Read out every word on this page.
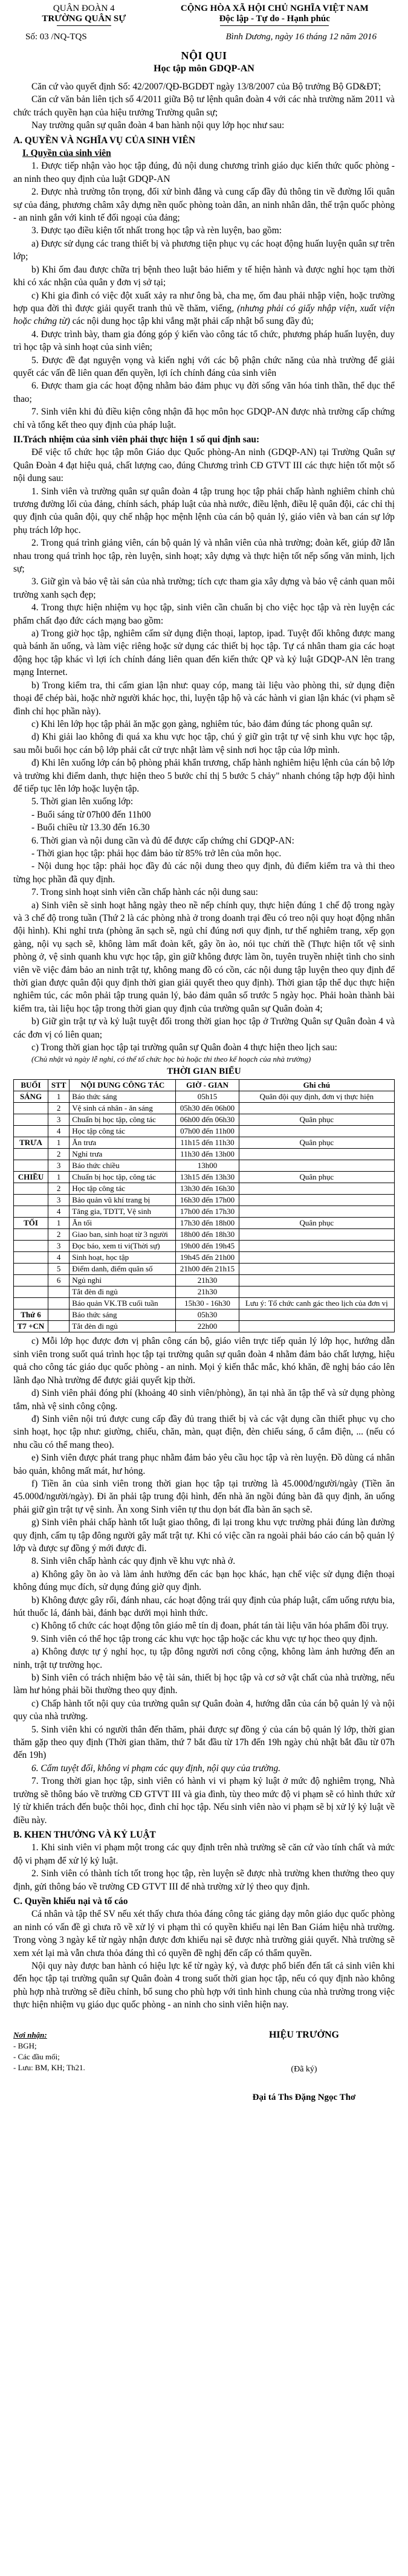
QUÂN ĐOÀN 4
TRƯỜNG QUÂN SỰ
CỘNG HÒA XÃ HỘI CHỦ NGHĨA VIỆT NAM
Độc lập - Tự do - Hạnh phúc
Số: 03 /NQ-TQS	Bình Dương, ngày 16 tháng 12 năm 2016
NỘI QUI
Học tập môn GDQP-AN

Căn cứ vào quyết định Số: 42/2007/QĐ-BGDĐT ngày 13/8/2007 của Bộ trưởng Bộ GD&ĐT;

Căn cứ văn bản liên tịch số 4/2011 giữa Bộ tư lệnh quân đoàn 4 với các nhà trường năm 2011 và chức trách quyền hạn của hiệu trưởng Trường quân sự;

Nay trường quân sự quân đoàn 4 ban hành nội quy lớp học như sau:

A. QUYỀN VÀ NGHĨA VỤ CỦA SINH VIÊN

I. Quyền của sinh viên

1. Được tiếp nhận vào học tập đúng, đủ nội dung chương trình giáo dục kiến thức quốc phòng - an ninh theo quy định của luật GDQP-AN

2. Được nhà trường tôn trọng, đối xử bình đẳng và cung cấp đầy đủ thông tin về đường lối quân sự của đảng, phương châm xây dựng nền quốc phòng toàn dân, an ninh nhân dân, thế trận quốc phòng - an ninh gắn với kinh tế đối ngoại của đảng;

3. Được tạo điều kiện tốt nhất trong học tập và rèn luyện, bao gồm:

a) Được sử dụng các trang thiết bị và phương tiện phục vụ các hoạt động huấn luyện quân sự trên lớp;

b) Khi ốm đau được chữa trị bệnh theo luật bảo hiểm y tế hiện hành và được nghỉ học tạm thời khi có xác nhận của quân y đơn vị sở tại;

c) Khi gia đình có việc đột xuất xảy ra như ông bà, cha mẹ, ốm đau phải nhập viện, hoặc trường hợp qua đời thì được giải quyết tranh thủ về thăm, viếng, (nhưng phải có giấy nhập viện, xuất viện hoặc chứng từ) các nội dung học tập khi vắng mặt phải cấp nhật bổ sung đầy đủ;

4. Được trình bày, tham gia đóng góp ý kiến vào công tác tổ chức, phương pháp huấn luyện, duy trì học tập và sinh hoạt của sinh viên;

5. Được đề đạt nguyện vọng và kiến nghị với các bộ phận chức năng của nhà trường để giải quyết các vấn đề liên quan đến quyền, lợi ích chính đáng của sinh viên

6. Được tham gia các hoạt động nhằm bảo đảm phục vụ đời sống văn hóa tinh thần, thể dục thể thao;

7. Sinh viên khi đủ điều kiện công nhận đã học môn học GDQP-AN được nhà trường cấp chứng chỉ và tổng kết theo quy định của pháp luật.

II.Trách nhiệm của sinh viên phải thực hiện 1 số qui định sau:

Để việc tổ chức học tập môn Giáo dục Quốc phòng-An ninh (GDQP-AN) tại Trường Quân sự Quân Đoàn 4 đạt hiệu quả, chất lượng cao, đúng Chương trình CĐ GTVT III các thực hiện tốt một số nội dung sau:

1. Sinh viên và trường quân sự quân đoàn 4 tập trung học tập phải chấp hành nghiêm chỉnh chủ trương đường lối của đảng, chính sách, pháp luật của nhà nước, điều lệnh, điều lệ quân đội, các chỉ thị quy định của quân đội, quy chế nhập học mệnh lệnh của cán bộ quản lý, giáo viên và ban cán sự lớp phụ trách lớp học.

2. Trong quá trình giảng viên, cán bộ quản lý và nhân viên của nhà trường; đoàn kết, giúp đỡ lẫn nhau trong quá trình học tập, rèn luyện, sinh hoạt; xây dựng và thực hiện tốt nếp sống văn minh, lịch sự;

3. Giữ gìn và bảo vệ tài sản của nhà trường; tích cực tham gia xây dựng và bảo vệ cảnh quan môi trường xanh sạch đẹp;

4. Trong thực hiện nhiệm vụ học tập, sinh viên cần chuẩn bị cho việc học tập và rèn luyện các phẩm chất đạo đức cách mạng bao gồm:

a) Trong giờ học tập, nghiêm cấm sử dụng điện thoại, laptop, ipad. Tuyệt đối không được mang quà bánh ăn uống, và làm việc riêng hoặc sử dụng các thiết bị học tập. Tự cá nhân tham gia các hoạt động học tập khác vì lợi ích chính đáng liên quan đến kiến thức QP và kỷ luật GDQP-AN lên trang mạng Internet.

b) Trong kiểm tra, thi cấm gian lận như: quay cóp, mang tài liệu vào phòng thi, sử dụng điện thoại để chép bài, hoặc nhờ người khác học, thi, luyện tập hộ và các hành vi gian lận khác (vi phạm sẽ đình chỉ học phần này).

c) Khi lên lớp học tập phải ăn mặc gọn gàng, nghiêm túc, bảo đảm đúng tác phong quân sự.

d) Khi giải lao không đi quá xa khu vực học tập, chú ý giữ gìn trật tự vệ sinh khu vực học tập, sau mỗi buổi học cán bộ lớp phải cắt cử trực nhật làm vệ sinh nơi học tập của lớp mình.

đ) Khi lên xuống lớp cán bộ phòng phải khẩn trương, chấp hành nghiêm hiệu lệnh của cán bộ lớp và trường khi điểm danh, thực hiện theo 5 bước chỉ thị 5 bước 5 chảy" nhanh chóng tập hợp đội hình để tiếp tục lên lớp hoặc luyện tập.

5. Thời gian lên xuống lớp:

- Buổi sáng từ 07h00 đến 11h00

- Buổi chiều từ 13.30 đến 16.30

6. Thời gian và nội dung cần và đủ để được cấp chứng chỉ GDQP-AN:

- Thời gian học tập: phải học đảm bảo từ 85% trở lên của môn học.

- Nội dung học tập: phải học đầy đủ các nội dung theo quy định, đủ điểm kiểm tra và thi theo từng học phần đã quy định.

7. Trong sinh hoạt sinh viên cần chấp hành các nội dung sau:

a) Sinh viên sẽ sinh hoạt hằng ngày theo nề nếp chính quy, thực hiện đúng 1 chế độ trong ngày và 3 chế độ trong tuần (Thứ 2 là các phòng nhà ở trong doanh trại đều có treo nội quy hoạt động nhân đội hình). Khi nghỉ trưa (phòng ăn sạch sẽ, ngủ chỉ đúng nơi quy định, tư thế nghiêm trang, xếp gọn gàng, nội vụ sạch sẽ, không làm mất đoàn kết, gây ồn ào, nói tục chửi thề (Thực hiện tốt vệ sinh phòng ở, vệ sinh quanh khu vực học tập, gìn giữ không được làm ồn, tuyên truyền nhiệt tình cho sinh viên về việc đảm bảo an ninh trật tự, không mang đồ có cồn, các nội dung tập luyện theo quy định để thời gian được quân đội quy định thời gian giải quyết theo quy định). Thời gian tập thể dục thực hiện nghiêm túc, các môn phải tập trung quản lý, bảo đảm quân số trước 5 ngày học. Phải hoàn thành bài kiểm tra, tài liệu học tập trong thời gian quy định của trường quân sự Quân đoàn 4;

b) Giữ gìn trật tự và kỷ luật tuyệt đối trong thời gian học tập ở Trường Quân sự Quân đoàn 4 và các đơn vị có liên quan;

c) Trong thời gian học tập tại trường quân sự Quân đoàn 4 thực hiện theo lịch sau:

(Chủ nhật và ngày lễ nghỉ, có thể tổ chức học bù hoặc thi theo kế hoạch của nhà trường)

THỜI GIAN BIỂU
BUỔI	STT	NỘI DUNG CÔNG TÁC	GIỜ - GIAN	Ghi chú
SÁNG	1	Báo thức sáng	05h15	Quân đội quy định, đơn vị thực hiện
	2	Vệ sinh cá nhân - ăn sáng	05h30 đến 06h00	
	3	Chuẩn bị học tập, công tác	06h00 đến 06h30	Quân phục
	4	Học tập công tác	07h00 đến 11h00	
TRƯA	1	Ăn trưa	11h15 đến 11h30	Quân phục
	2	Nghỉ trưa	11h30 đến 13h00	
	3	Báo thức chiều	13h00	
CHIỀU	1	Chuẩn bị học tập, công tác	13h15 đến 13h30	Quân phục
	2	Học tập công tác	13h30 đến 16h30	
	3	Bảo quản vũ khí trang bị	16h30 đến 17h00	
	4	Tăng gia, TDTT, Vệ sinh	17h00 đến 17h30	
TỐI	1	Ăn tối	17h30 đến 18h00	Quân phục
	2	Giao ban, sinh hoạt từ 3 người	18h00 đến 18h30	
	3	Đọc báo, xem ti vi(Thời sự)	19h00 đến 19h45	
	4	Sinh hoạt, học tập	19h45 đến 21h00	
	5	Điểm danh, điểm quân số	21h00 đến 21h15	
	6	Ngủ nghỉ	21h30	
		Tắt đèn đi ngủ	21h30	
		Báo quản VK.TB cuối tuần	15h30 - 16h30	Lưu ý: Tổ chức canh gác theo lịch của đơn vị
Thứ 6		Báo thức sáng	05h30	
T7 +CN		Tắt đèn đi ngủ	22h00	

c) Mỗi lớp học được đơn vị phân công cán bộ, giáo viên trực tiếp quản lý lớp học, hướng dẫn sinh viên trong suốt quá trình học tập tại trường quân sự quân đoàn 4 nhằm đảm bảo chất lượng, hiệu quả cho công tác giáo dục quốc phòng - an ninh. Mọi ý kiến thắc mắc, khó khăn, đề nghị báo cáo lên lãnh đạo Nhà trường để được giải quyết kịp thời.

d) Sinh viên phải đóng phí (khoảng 40 sinh viên/phòng), ăn tại nhà ăn tập thể và sử dụng phòng tắm, nhà vệ sinh công cộng.

đ) Sinh viên nội trú được cung cấp đầy đủ trang thiết bị và các vật dụng cần thiết phục vụ cho sinh hoạt, học tập như: giường, chiếu, chăn, màn, quạt điện, đèn chiếu sáng, ổ cắm điện, ... (nếu có nhu cầu có thể mang theo).

e) Sinh viên được phát trang phục nhằm đảm bảo yêu cầu học tập và rèn luyện. Đồ dùng cá nhân bảo quản, không mất mát, hư hỏng.

f) Tiền ăn của sinh viên trong thời gian học tập tại trường là 45.000đ/người/ngày (Tiền ăn 45.000đ/người/ngày). Đi ăn phải tập trung đội hình, đến nhà ăn ngồi đúng bàn đã quy định, ăn uống phải giữ gìn trật tự vệ sinh. Ăn xong Sinh viên tự thu dọn bát đĩa bàn ăn sạch sẽ.

g) Sinh viên phải chấp hành tốt luật giao thông, đi lại trong khu vực trường phải đúng làn đường quy định, cấm tụ tập đông người gây mất trật tự. Khi có việc cần ra ngoài phải báo cáo cán bộ quản lý lớp và được sự đồng ý mới được đi.

8. Sinh viên chấp hành các quy định về khu vực nhà ở.

a) Không gây ồn ào và làm ảnh hưởng đến các bạn học khác, hạn chế việc sử dụng điện thoại không đúng mục đích, sử dụng đúng giờ quy định.

b) Không được gây rối, đánh nhau, các hoạt động trái quy định của pháp luật, cấm uống rượu bia, hút thuốc lá, đánh bài, đánh bạc dưới mọi hình thức.

c) Không tổ chức các hoạt động tôn giáo mê tín dị đoan, phát tán tài liệu văn hóa phẩm đồi trụy.

9. Sinh viên có thể học tập trong các khu vực học tập hoặc các khu vực tự học theo quy định.

a) Không được tự ý nghỉ học, tụ tập đông người nơi công cộng, không làm ảnh hưởng đến an ninh, trật tự trường học.

b) Sinh viên có trách nhiệm bảo vệ tài sản, thiết bị học tập và cơ sở vật chất của nhà trường, nếu làm hư hỏng phải bồi thường theo quy định.

c) Chấp hành tốt nội quy của trường quân sự Quân đoàn 4, hướng dẫn của cán bộ quản lý và nội quy của nhà trường.

5. Sinh viên khi có người thân đến thăm, phải được sự đồng ý của cán bộ quản lý lớp, thời gian thăm gặp theo quy định (Thời gian thăm, thứ 7 bắt đầu từ 17h đến 19h ngày chủ nhật bắt đầu từ 07h đến 19h)

6. Cấm tuyệt đối, không vi phạm các quy định, nội quy của trường.

7. Trong thời gian học tập, sinh viên có hành vi vi phạm kỷ luật ở mức độ nghiêm trọng, Nhà trường sẽ thông báo về trường CĐ GTVT III và gia đình, tùy theo mức độ vi phạm sẽ có hình thức xử lý từ khiển trách đến buộc thôi học, đình chỉ học tập. Nếu sinh viên nào vi phạm sẽ bị xử lý kỷ luật về điều này.

B. KHEN THƯỞNG VÀ KỶ LUẬT

1. Khi sinh viên vi phạm một trong các quy định trên nhà trường sẽ căn cứ vào tính chất và mức độ vi phạm để xử lý kỷ luật.

2. Sinh viên có thành tích tốt trong học tập, rèn luyện sẽ được nhà trường khen thưởng theo quy định, gửi thông báo về trường CĐ GTVT III để nhà trường xử lý theo quy định.

C. Quyền khiếu nại và tố cáo

Cá nhân và tập thể SV nếu xét thấy chưa thỏa đáng công tác giảng dạy môn giáo dục quốc phòng an ninh có vấn đề gì chưa rõ về xử lý vi phạm thì có quyền khiếu nại lên Ban Giám hiệu nhà trường. Trong vòng 3 ngày kể từ ngày nhận được đơn khiếu nại sẽ được nhà trường giải quyết. Nhà trường sẽ xem xét lại mà vẫn chưa thỏa đáng thì có quyền đề nghị đến cấp có thẩm quyền.

Nội quy này được ban hành có hiệu lực kể từ ngày ký, và được phổ biến đến tất cả sinh viên khi đến học tập tại trường quân sự Quân đoàn 4 trong suốt thời gian học tập, nếu có quy định nào không phù hợp nhà trường sẽ điều chỉnh, bổ sung cho phù hợp với tình hình chung của nhà trường trong việc thực hiện nhiệm vụ giáo dục quốc phòng - an ninh cho sinh viên hiện nay.

Nơi nhận:
- BGH;
- Các đầu mối;
- Lưu: BM, KH; Th21.
HIỆU TRƯỞNG
(Đã ký)
Đại tá Ths Đặng Ngọc Thơ
